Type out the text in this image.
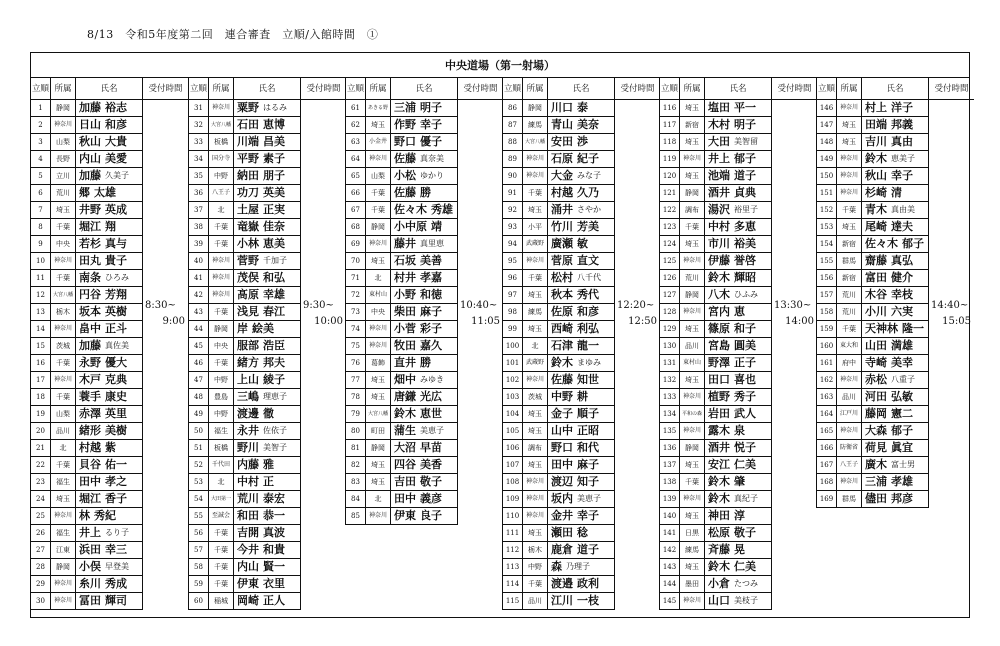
8/13　令和5年度第二回　連合審査　立順/入館時間　①
中央道場（第一射場）
立順 所属	氏名	受付時間
1	静岡 加藤 裕志
2	神奈川 日山 和彦
3	山梨 秋山 大貴
4	長野 内山 美愛
5	立川 加藤 久美子
6	荒川 郷 太雄
7	埼玉 井野 英成
8	千葉 堀江 翔
9	中央 若杉 真与
10	神奈川 田丸 貴子
11	千葉 南条 ひろみ
12	大宮八幡 円谷 芳翔
13	栃木 坂本 英樹
14	神奈川 畠中 正斗
15	茨城 加藤 真佐美
16	千葉 永野 優大
17	神奈川 木戸 克典
18	千葉 蓑手 康史
19	山梨 赤澤 英里
20	品川 緒形 美樹
21	北	村越 紫
22	千葉 貝谷 佑一
23	福生 田中 孝之
24	埼玉 堀江 香子
25	神奈川 林 秀紀
26	福生 井上 るり子
27	江東 浜田 幸三
28	静岡 小俣 早登美
29	神奈川 糸川 秀成
30	神奈川 冨田 輝司
8:30~
9:00
立順 所属	氏名	受付時間
31	神奈川 粟野 はるみ
32	大宮八幡 石田 恵博
33	板橋 川端 昌美
34	国分寺 平野 素子
35	中野 納田 朋子
36	八王子 功刀 英美
37	北	土屋 正実
38	千葉 竜嶽 佳奈
39	千葉 小林 恵美
40	神奈川 菅野 千加子
41	神奈川 茂俣 和弘
42	神奈川 髙原 幸雄
43	千葉 浅見 春江
44	静岡 岸 絵美
45	中央 服部 浩臣
46	千葉 緒方 邦夫
47	中野 上山 綾子
48	豊島 三嶋 理恵子
49	中野 渡邊 徹
50	福生 永井 佐依子
51	板橋 野川 美智子
52	千代田 内藤 雅
53	北	中村 正
54	大田第一 荒川 泰宏
55	至誠会 和田 恭一
56	千葉 吉開 真波
57	千葉 今井 和貴
58	千葉 内山 賢一
59	千葉 伊東 衣里
60	稲城 岡崎 正人
9:30~
10:00
立順 所属	氏名	受付時間
61	あきる野 三浦 明子
62	埼玉 作野 幸子
63	小金井 野口 優子
64	神奈川 佐藤 真奈美
65	山梨 小松 ゆかり
66	千葉 佐藤 勝
67	千葉 佐々木 秀雄
68	静岡 小中原 靖
69	神奈川 藤井 真里恵
70	埼玉 石坂 美善
71	北	村井 孝嘉
72	東村山 小野 和徳
73	中央 柴田 麻子
74	神奈川 小菅 彩子
75	神奈川 牧田 嘉久
76	葛飾 直井 勝
77	埼玉 畑中 みゆき
78	埼玉 唐鎌 光広
79	大宮八幡 鈴木 恵世
80	町田 蒲生 美恵子
81	静岡 大沼 早苗
82	埼玉 四谷 美香
83	埼玉 吉田 敬子
84	北	田中 義彦
85	神奈川 伊東 良子
10:40~
11:05
立順 所属	氏名	受付時間
86	静岡 川口 泰
87	練馬 青山 美奈
88	大宮八幡 安田 渉
89	神奈川 石原 紀子
90	神奈川 大金 みな子
91	千葉 村越 久乃
92	埼玉 涌井 さやか
93	小平 竹川 芳美
94	武蔵野 廣瀬 敏
95	神奈川 菅原 直文
96	千葉 松村 八千代
97	埼玉 秋本 秀代
98	練馬 佐原 和彦
99	埼玉 西崎 利弘
100	北	石津 龍一
101	武蔵野 鈴木 まゆみ
102	神奈川 佐藤 知世
103	茨城 中野 耕
104	埼玉 金子 順子
105	埼玉 山中 正昭
106	調布 野口 和代
107	埼玉 田中 麻子
108	神奈川 渡辺 知子
109	神奈川 坂内 美恵子
110	神奈川 金井 幸子
111	埼玉 瀬田 稔
112	栃木 鹿倉 道子
113	中野 森 乃理子
114	千葉 渡邉 政利
115	品川 江川 一枝
12:20~
12:50
立順 所属	氏名	受付時間
116	埼玉 塩田 平一
117	新宿 木村 明子
118	埼玉 大田 美智留
119	神奈川 井上 郁子
120	埼玉 池端 道子
121	静岡 酒井 貞典
122	調布 湯沢 裕里子
123	千葉 中村 多恵
124	埼玉 市川 裕美
125	神奈川 伊藤 誉啓
126	荒川 鈴木 輝昭
127	静岡 八木 ひふみ
128	神奈川 宮内 恵
129	埼玉 篠原 和子
130	品川 宮島 圓美
131	東村山 野澤 正子
132	埼玉 田口 喜也
133	神奈川 植野 秀子
134	平和の森 岩田 武人
135	神奈川 露木 泉
136	静岡 酒井 悦子
137	埼玉 安江 仁美
138	千葉 鈴木 肇
139	神奈川 鈴木 真紀子
140	埼玉 神田 淳
141	日黒 松原 敬子
142	練馬 斉藤 晃
143	埼玉 鈴木 仁美
144	墨田 小倉 たつみ
145	神奈川 山口 美枝子
13:30~
14:00
立順 所属	氏名	受付時間
146	神奈川 村上 洋子
147	埼玉 田端 邦義
148	埼玉 吉川 真由
149	神奈川 鈴木 恵美子
150	神奈川 秋山 幸子
151	神奈川 杉崎 清
152	千葉 青木 真由美
153	埼玉 尾崎 達夫
154	新宿 佐々木 郁子
155	群馬 齋藤 真弘
156	新宿 富田 健介
157	荒川 木谷 幸枝
158	荒川 小川 六実
159	千葉 天神林 隆一
160	東大和 山田 満雄
161	府中 寺崎 美幸
162	神奈川 赤松 八重子
163	品川 河田 弘敏
164	江戸川 藤岡 憲二
165	神奈川 大森 郁子
166	防衛省 荷見 眞宜
167	八王子 廣木 富士男
168	神奈川 三浦 孝雄
169	群馬 儘田 邦彦
14:40~
15:05
